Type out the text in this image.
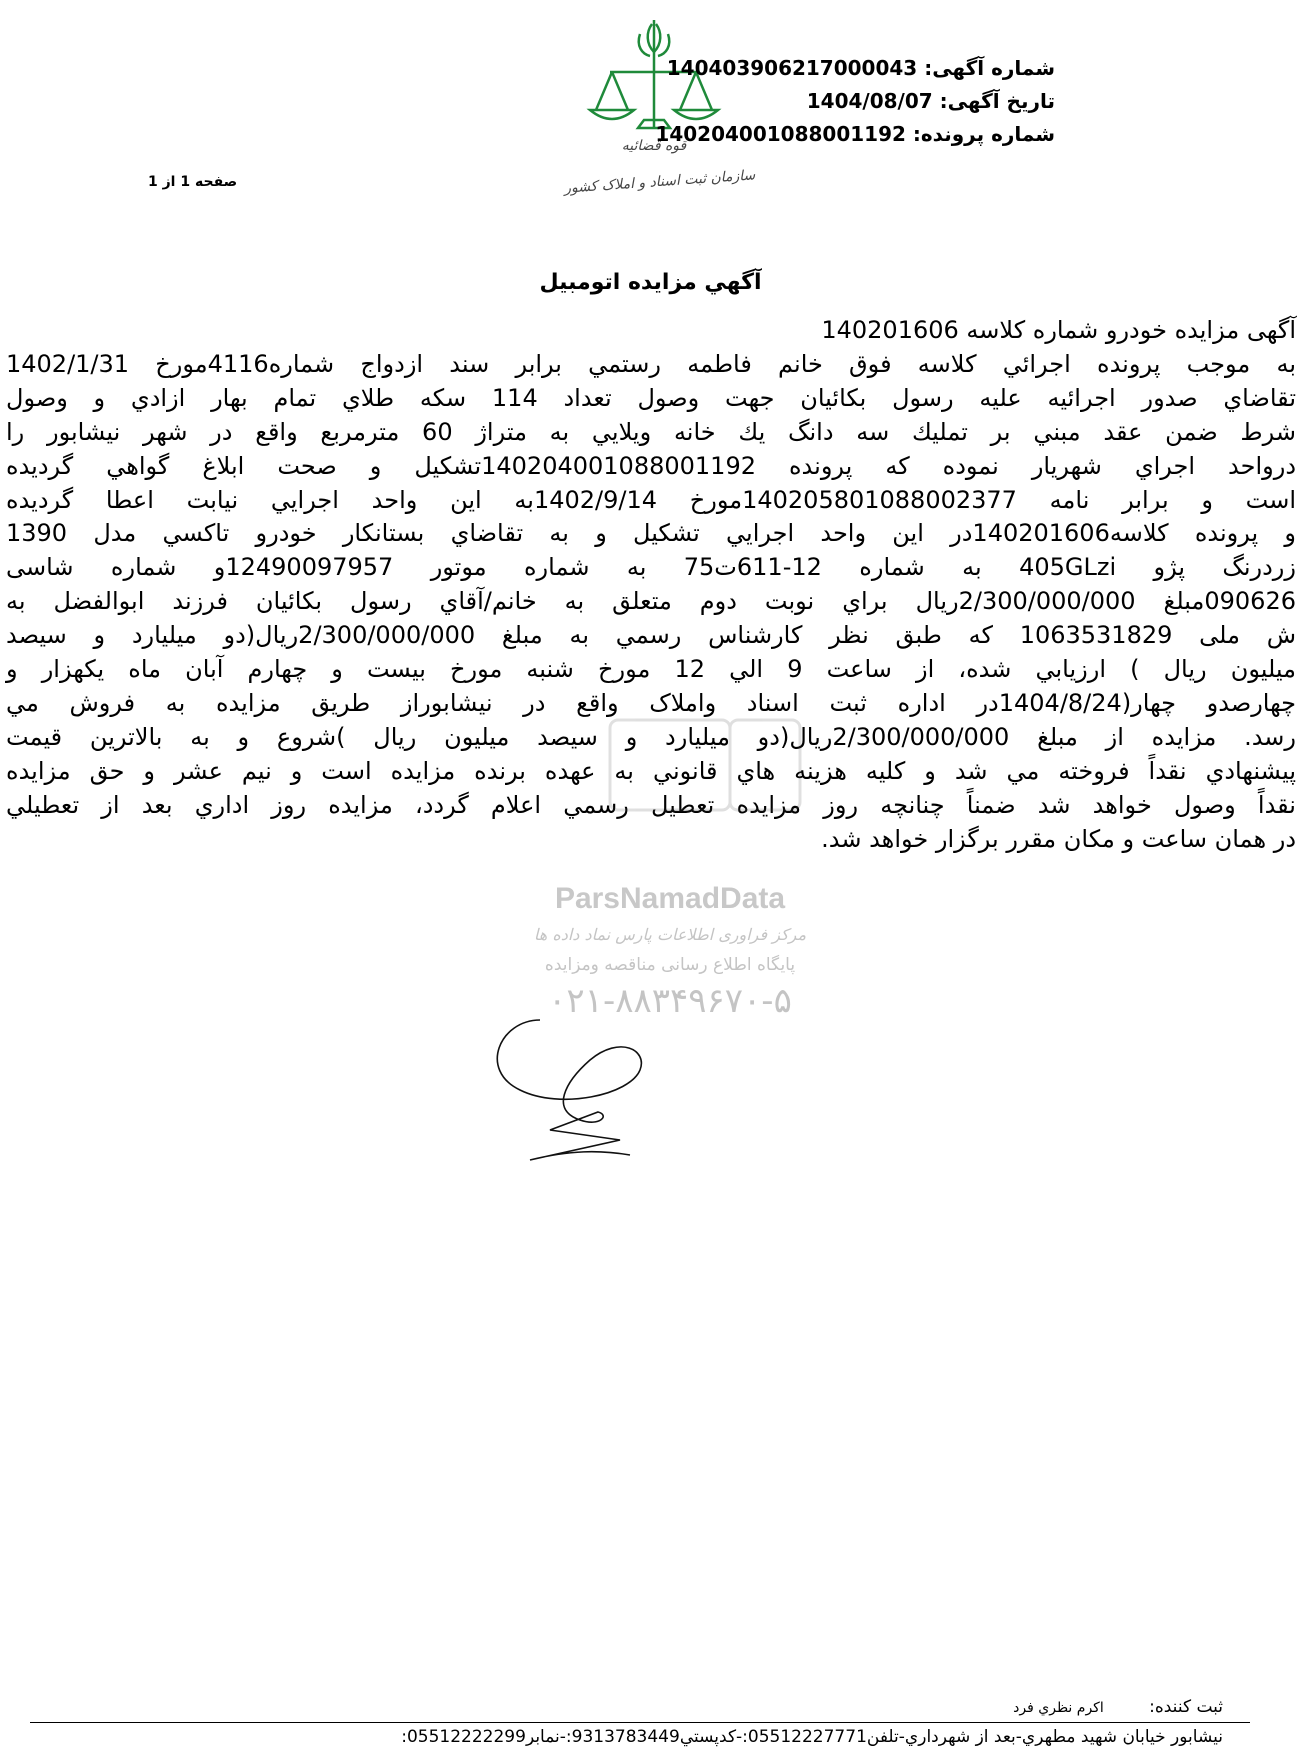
قوه قضائیه
سازمان ثبت اسناد و املاک کشور
شماره آگهی: 140403906217000043
تاریخ آگهی: 1404/08/07
شماره پرونده: 140204001088001192
صفحه 1 از 1
آگهي مزايده اتومبيل
آگهی مزایده خودرو شماره کلاسه 140201606
به موجب پرونده اجرائي کلاسه فوق خانم فاطمه رستمي برابر سند ازدواج شماره4116مورخ 1402/1/31
تقاضاي صدور اجرائيه عليه رسول بکائيان جهت وصول تعداد 114 سکه طلاي تمام بهار ازادي و وصول
شرط ضمن عقد مبني بر تمليك سه دانگ يك خانه ويلايي به متراژ 60 مترمربع واقع در شهر نيشابور را
درواحد اجراي شهريار نموده که پرونده 140204001088001192تشکيل و صحت ابلاغ گواهي گرديده
است و برابر نامه 140205801088002377مورخ 1402/9/14به اين واحد اجرايي نيابت اعطا گرديده
و پرونده کلاسه140201606در اين واحد اجرايي تشکيل و به تقاضاي بستانکار خودرو تاکسي مدل 1390
زردرنگ پژو 405GLzi به شماره 12-611ت75 به شماره موتور 12490097957و شماره شاسی
090626مبلغ 2/300/000/000ريال براي نوبت دوم متعلق به خانم/آقاي رسول بکائيان فرزند ابوالفضل به
ش ملی 1063531829 که طبق نظر کارشناس رسمي به مبلغ 2/300/000/000ريال(دو ميليارد و سيصد
ميليون ريال ) ارزيابي شده، از ساعت 9 الي 12 مورخ شنبه مورخ بيست و چهارم آبان ماه يکهزار و
چهارصدو چهار(1404/8/24در اداره ثبت اسناد واملاک واقع در نيشابوراز طريق مزايده به فروش مي
رسد. مزايده از مبلغ 2/300/000/000ريال(دو ميليارد و سيصد ميليون ريال )شروع و به بالاترين قيمت
پيشنهادي نقداً فروخته مي شد و کليه هزينه هاي قانوني به عهده برنده مزايده است و نيم عشر و حق مزايده
نقداً وصول خواهد شد ضمناً چنانچه روز مزايده تعطيل رسمي اعلام گردد، مزايده روز اداري بعد از تعطيلي
در همان ساعت و مكان مقرر برگزار خواهد شد.
ParsNamadData
مرکز فراوری اطلاعات پارس نماد داده ها
پایگاه اطلاع رسانی مناقصه ومزایده
۰۲۱-۸۸۳۴۹۶۷۰-۵
ثبت کننده: اکرم نظري فرد
نيشابور خيابان شهيد مطهري-بعد از شهرداري-تلفن05512227771:-کدپستي9313783449:-نمابر05512222299:
